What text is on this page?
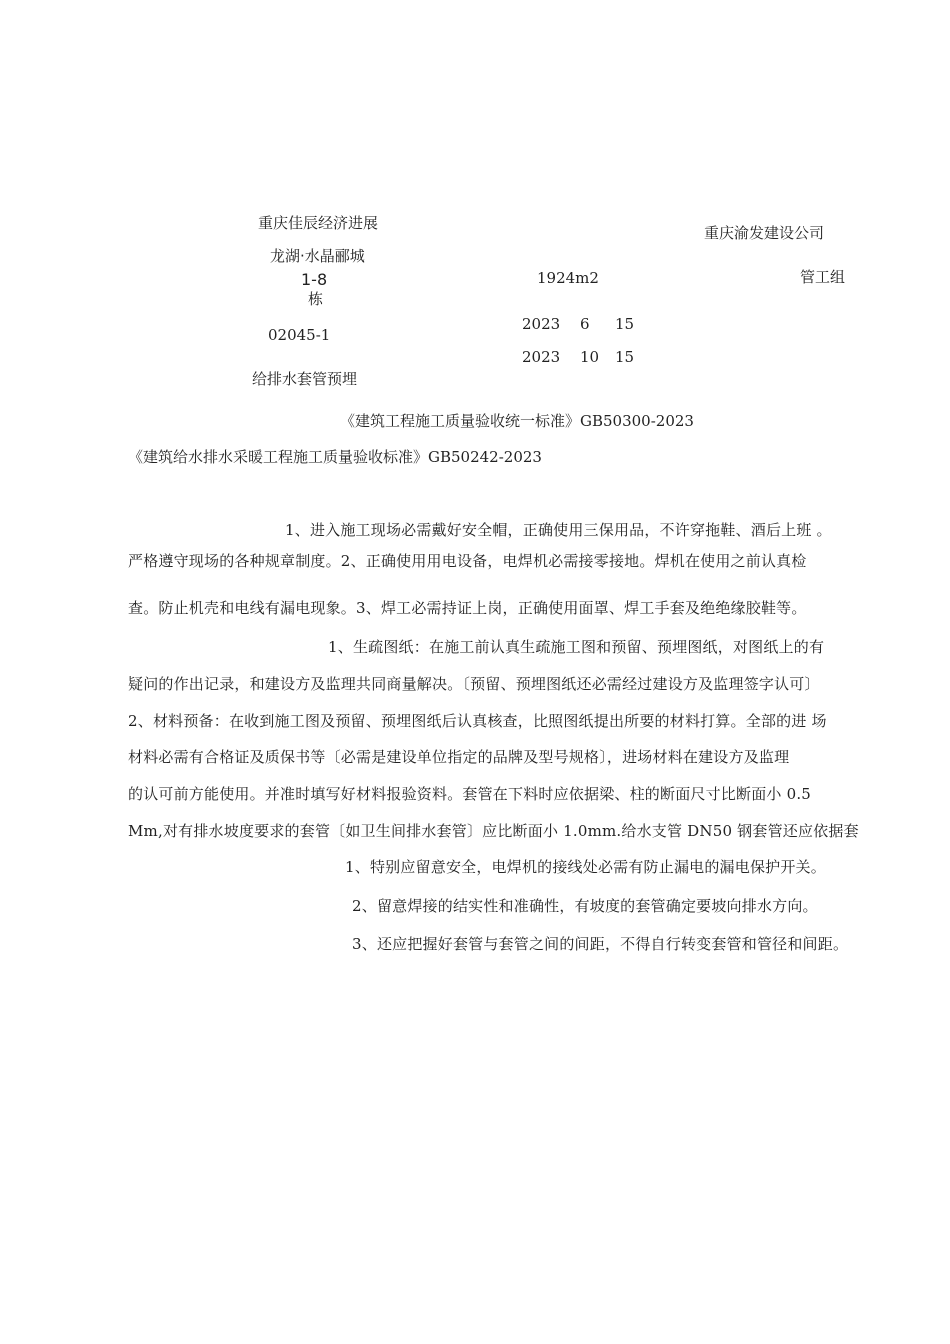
重庆佳辰经济进展
重庆渝发建设公司
龙湖·水晶郦城
1-8	1924m2	管工组
栋
2023 6 15
02045-1
2023 10 15
给排水套管预埋
《建筑工程施工质量验收统一标准》GB50300-2023
《建筑给水排水采暖工程施工质量验收标准》GB50242-2023
1、进入施工现场必需戴好安全帽，正确使用三保用品，不许穿拖鞋、酒后上班 。
严格遵守现场的各种规章制度。2、正确使用用电设备，电焊机必需接零接地。焊机在使用之前认真检
查。防止机壳和电线有漏电现象。3、焊工必需持证上岗，正确使用面罩、焊工手套及绝绝缘胶鞋等。
1、生疏图纸：在施工前认真生疏施工图和预留、预埋图纸，对图纸上的有
疑问的作出记录，和建设方及监理共同商量解决。〔预留、预埋图纸还必需经过建设方及监理签字认可〕
2、材料预备：在收到施工图及预留、预埋图纸后认真核查，比照图纸提出所要的材料打算。全部的进 场
材料必需有合格证及质保书等〔必需是建设单位指定的品牌及型号规格〕，进场材料在建设方及监理
的认可前方能使用。并准时填写好材料报验资料。套管在下料时应依据梁、柱的断面尺寸比断面小 0.5
Mm,对有排水坡度要求的套管〔如卫生间排水套管〕应比断面小 1.0mm.给水支管 DN50 钢套管还应依据套
1、特别应留意安全，电焊机的接线处必需有防止漏电的漏电保护开关。
2、留意焊接的结实性和准确性，有坡度的套管确定要坡向排水方向。
3、还应把握好套管与套管之间的间距，不得自行转变套管和管径和间距。
